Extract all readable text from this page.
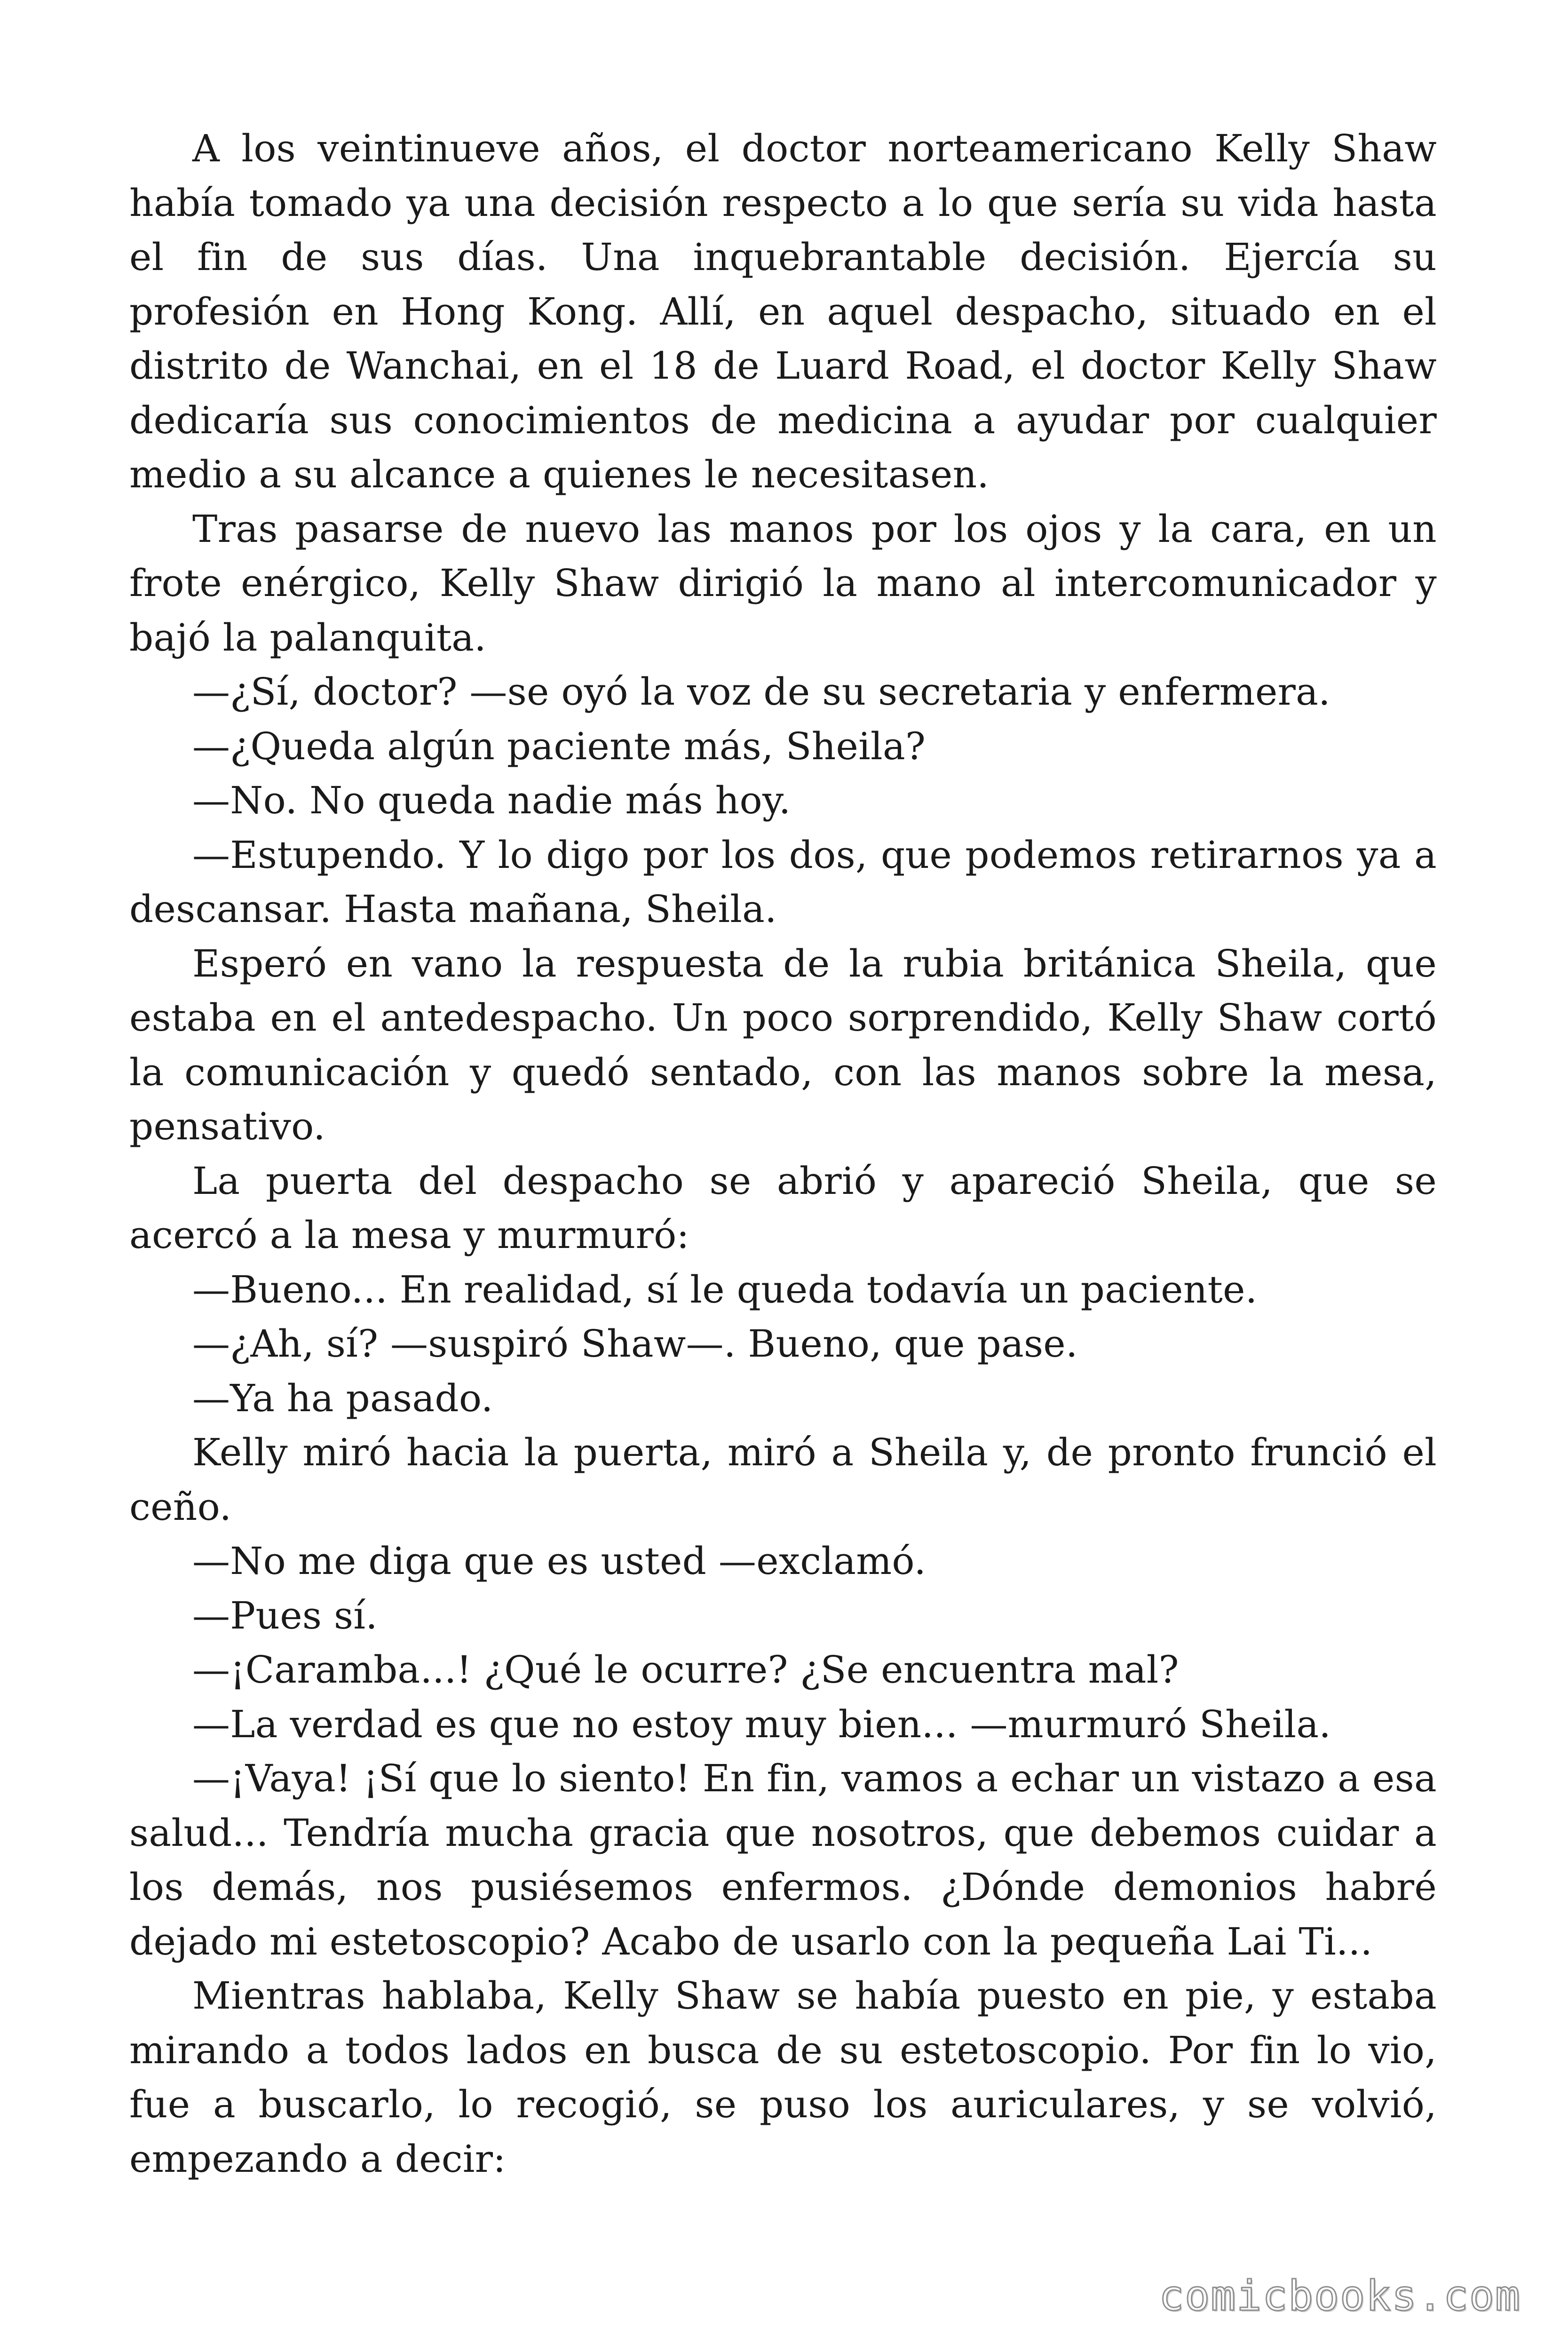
A los veintinueve años, el doctor norteamericano Kelly Shaw había tomado ya una decisión respecto a lo que sería su vida hasta el fin de sus días. Una inquebrantable decisión. Ejercía su profesión en Hong Kong. Allí, en aquel despacho, situado en el distrito de Wanchai, en el 18 de Luard Road, el doctor Kelly Shaw dedicaría sus conocimientos de medicina a ayudar por cualquier medio a su alcance a quienes le necesitasen.

Tras pasarse de nuevo las manos por los ojos y la cara, en un frote enérgico, Kelly Shaw dirigió la mano al intercomunicador y bajó la palanquita.

—¿Sí, doctor? —se oyó la voz de su secretaria y enfermera.

—¿Queda algún paciente más, Sheila?

—No. No queda nadie más hoy.

—Estupendo. Y lo digo por los dos, que podemos retirarnos ya a descansar. Hasta mañana, Sheila.

Esperó en vano la respuesta de la rubia británica Sheila, que estaba en el antedespacho. Un poco sorprendido, Kelly Shaw cortó la comunicación y quedó sentado, con las manos sobre la mesa, pensativo.

La puerta del despacho se abrió y apareció Sheila, que se acercó a la mesa y murmuró:

—Bueno... En realidad, sí le queda todavía un paciente.

—¿Ah, sí? —suspiró Shaw—. Bueno, que pase.

—Ya ha pasado.

Kelly miró hacia la puerta, miró a Sheila y, de pronto frunció el ceño.

—No me diga que es usted —exclamó.

—Pues sí.

—¡Caramba...! ¿Qué le ocurre? ¿Se encuentra mal?

—La verdad es que no estoy muy bien... —murmuró Sheila.

—¡Vaya! ¡Sí que lo siento! En fin, vamos a echar un vistazo a esa salud... Tendría mucha gracia que nosotros, que debemos cuidar a los demás, nos pusiésemos enfermos. ¿Dónde demonios habré dejado mi estetoscopio? Acabo de usarlo con la pequeña Lai Ti...

Mientras hablaba, Kelly Shaw se había puesto en pie, y estaba mirando a todos lados en busca de su estetoscopio. Por fin lo vio, fue a buscarlo, lo recogió, se puso los auriculares, y se volvió, empezando a decir:

comicbooks.com
